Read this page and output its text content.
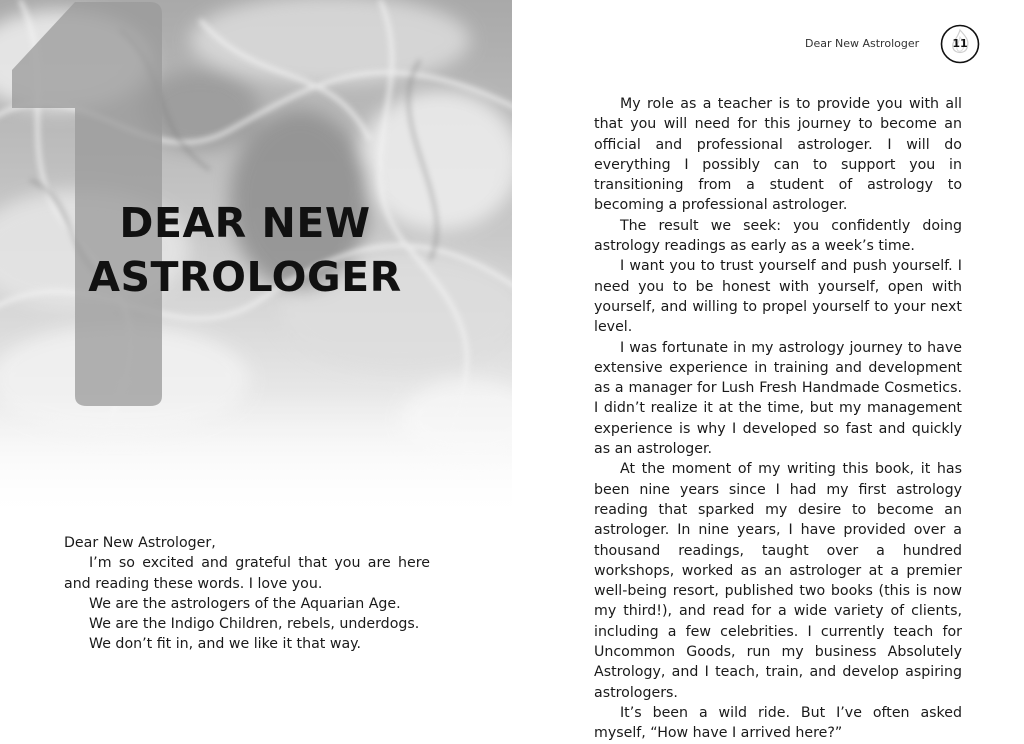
DEAR NEW
ASTROLOGER

Dear New Astrologer,

I’m so excited and grateful that you are here and reading these words. I love you.

We are the astrologers of the Aquarian Age.

We are the Indigo Children, rebels, underdogs.

We don’t fit in, and we like it that way.

Dear New Astrologer	11

My role as a teacher is to provide you with all that you will need for this journey to become an official and professional astrologer. I will do everything I possibly can to support you in transitioning from a student of astrology to becoming a professional astrologer.

The result we seek: you confidently doing astrology readings as early as a week’s time.

I want you to trust yourself and push yourself. I need you to be honest with yourself, open with yourself, and willing to propel yourself to your next level.

I was fortunate in my astrology journey to have extensive experience in training and development as a manager for Lush Fresh Handmade Cosmetics. I didn’t realize it at the time, but my management experience is why I developed so fast and quickly as an astrologer.

At the moment of my writing this book, it has been nine years since I had my first astrology reading that sparked my desire to become an astrologer. In nine years, I have provided over a thousand readings, taught over a hundred workshops, worked as an astrologer at a premier well-being resort, published two books (this is now my third!), and read for a wide variety of clients, including a few celebrities. I currently teach for Uncommon Goods, run my business Absolutely Astrology, and I teach, train, and develop aspiring astrologers.

It’s been a wild ride. But I’ve often asked myself, “How have I arrived here?”
